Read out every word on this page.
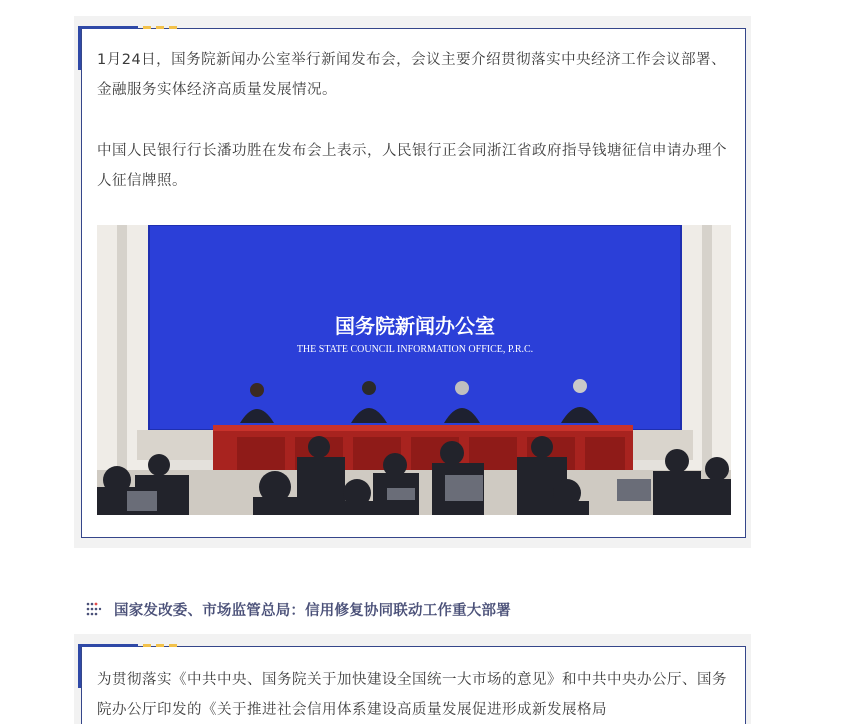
1月24日，国务院新闻办公室举行新闻发布会，会议主要介绍贯彻落实中央经济工作会议部署、金融服务实体经济高质量发展情况。
中国人民银行行长潘功胜在发布会上表示，人民银行正会同浙江省政府指导钱塘征信申请办理个人征信牌照。
国务院新闻办公室
THE STATE COUNCIL INFORMATION OFFICE, P.R.C.
国家发改委、市场监管总局：信用修复协同联动工作重大部署
为贯彻落实《中共中央、国务院关于加快建设全国统一大市场的意见》和中共中央办公厅、国务院办公厅印发的《关于推进社会信用体系建设高质量发展促进形成新发展格局
